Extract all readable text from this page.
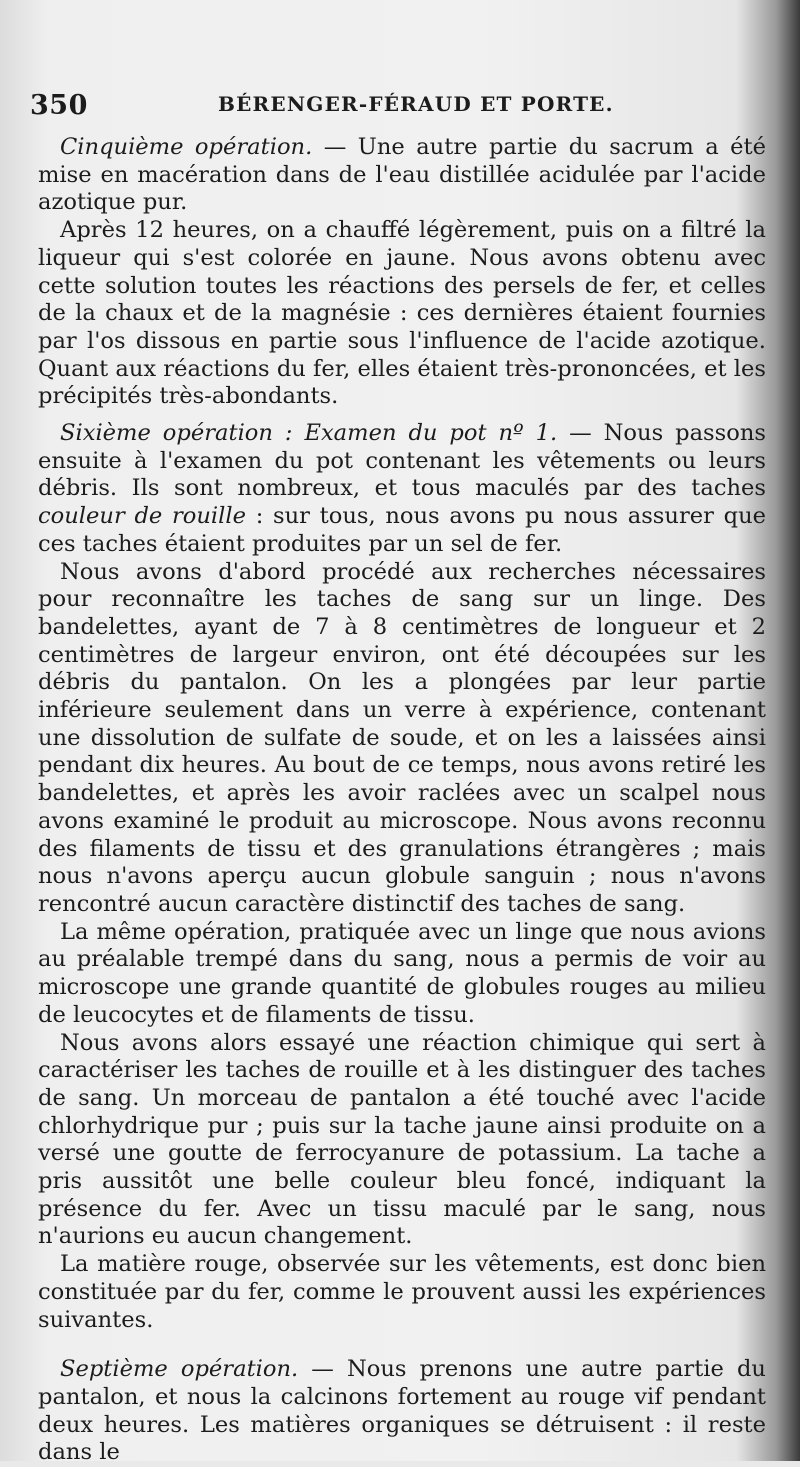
350	BÉRENGER-FÉRAUD ET PORTE.

Cinquième opération. — Une autre partie du sacrum a été mise en macération dans de l'eau distillée acidulée par l'acide azotique pur.

Après 12 heures, on a chauffé légèrement, puis on a filtré la liqueur qui s'est colorée en jaune. Nous avons obtenu avec cette solution toutes les réactions des persels de fer, et celles de la chaux et de la magnésie : ces dernières étaient fournies par l'os dissous en partie sous l'influence de l'acide azotique. Quant aux réactions du fer, elles étaient très-prononcées, et les précipités très-abondants.

Sixième opération : Examen du pot nº 1. — Nous passons ensuite à l'examen du pot contenant les vêtements ou leurs débris. Ils sont nombreux, et tous maculés par des taches couleur de rouille : sur tous, nous avons pu nous assurer que ces taches étaient produites par un sel de fer.

Nous avons d'abord procédé aux recherches nécessaires pour reconnaître les taches de sang sur un linge. Des bandelettes, ayant de 7 à 8 centimètres de longueur et 2 centimètres de largeur environ, ont été découpées sur les débris du pantalon. On les a plongées par leur partie inférieure seulement dans un verre à expérience, contenant une dissolution de sulfate de soude, et on les a laissées ainsi pendant dix heures. Au bout de ce temps, nous avons retiré les bandelettes, et après les avoir raclées avec un scalpel nous avons examiné le produit au microscope. Nous avons reconnu des filaments de tissu et des granulations étrangères ; mais nous n'avons aperçu aucun globule sanguin ; nous n'avons rencontré aucun caractère distinctif des taches de sang.

La même opération, pratiquée avec un linge que nous avions au préalable trempé dans du sang, nous a permis de voir au microscope une grande quantité de globules rouges au milieu de leucocytes et de filaments de tissu.

Nous avons alors essayé une réaction chimique qui sert à caractériser les taches de rouille et à les distinguer des taches de sang. Un morceau de pantalon a été touché avec l'acide chlorhydrique pur ; puis sur la tache jaune ainsi produite on a versé une goutte de ferrocyanure de potassium. La tache a pris aussitôt une belle couleur bleu foncé, indiquant la présence du fer. Avec un tissu maculé par le sang, nous n'aurions eu aucun changement.

La matière rouge, observée sur les vêtements, est donc bien constituée par du fer, comme le prouvent aussi les expériences suivantes.

Septième opération. — Nous prenons une autre partie du pantalon, et nous la calcinons fortement au rouge vif pendant deux heures. Les matières organiques se détruisent : il reste dans le
